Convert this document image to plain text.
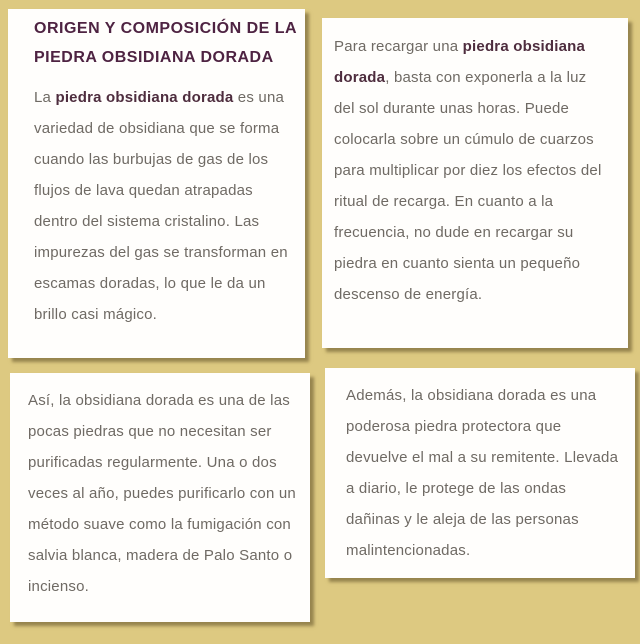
ORIGEN Y COMPOSICIÓN DE LA PIEDRA OBSIDIANA DORADA

La piedra obsidiana dorada es una variedad de obsidiana que se forma cuando las burbujas de gas de los flujos de lava quedan atrapadas dentro del sistema cristalino. Las impurezas del gas se transforman en escamas doradas, lo que le da un brillo casi mágico.

Para recargar una piedra obsidiana dorada, basta con exponerla a la luz del sol durante unas horas. Puede colocarla sobre un cúmulo de cuarzos para multiplicar por diez los efectos del ritual de recarga. En cuanto a la frecuencia, no dude en recargar su piedra en cuanto sienta un pequeño descenso de energía.

Así, la obsidiana dorada es una de las pocas piedras que no necesitan ser purificadas regularmente. Una o dos veces al año, puedes purificarlo con un método suave como la fumigación con salvia blanca, madera de Palo Santo o incienso.

Además, la obsidiana dorada es una poderosa piedra protectora que devuelve el mal a su remitente. Llevada a diario, le protege de las ondas dañinas y le aleja de las personas malintencionadas.
